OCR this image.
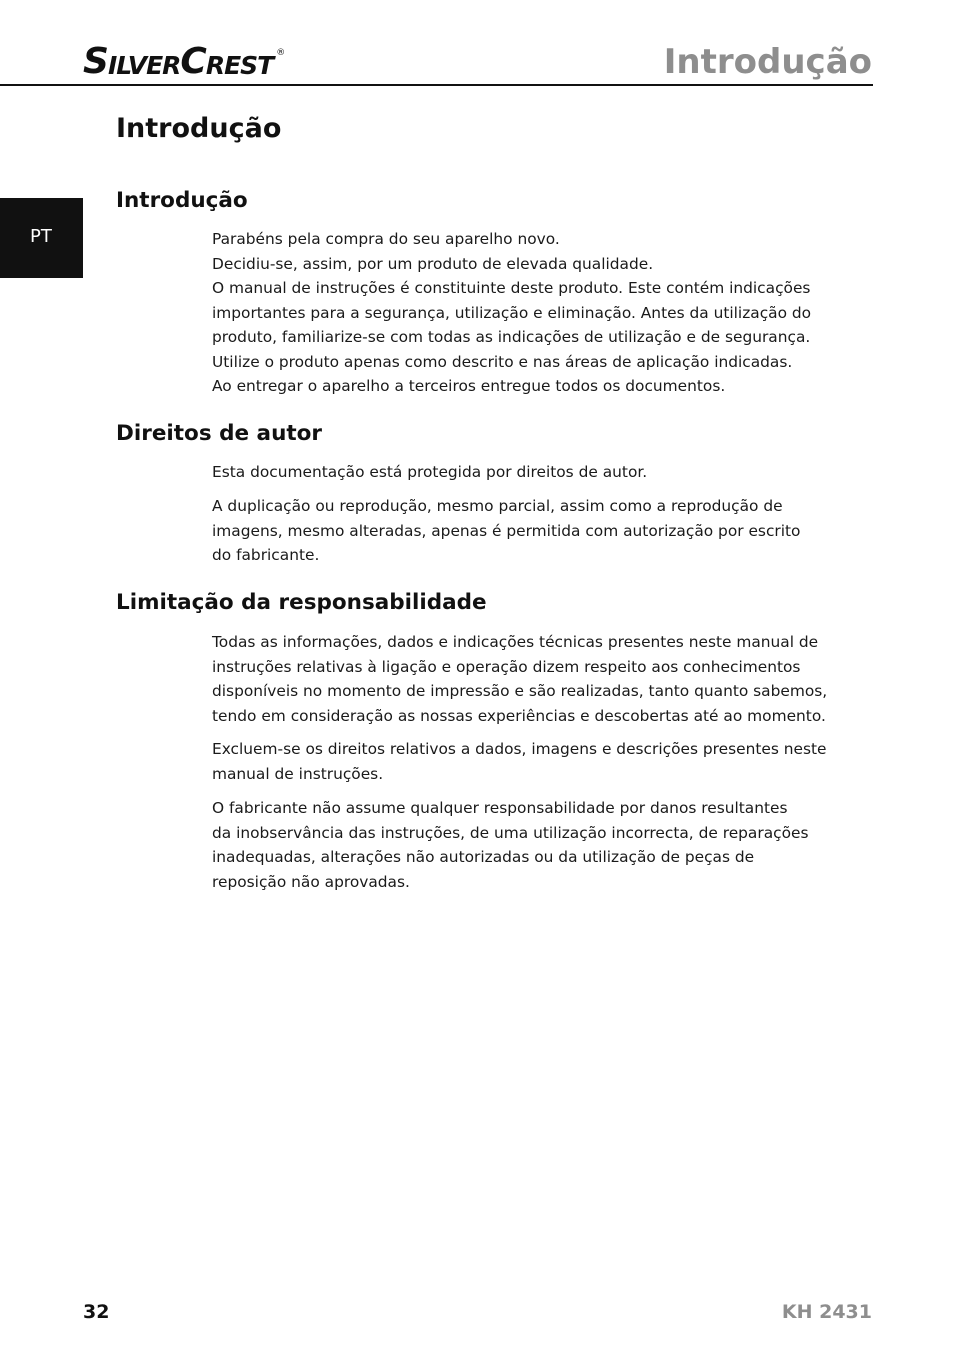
S ILVER C REST ®	Introdução
PT
Introdução
Introdução
Parabéns pela compra do seu aparelho novo.
Decidiu-se, assim, por um produto de elevada qualidade.
O manual de instruções é constituinte deste produto. Este contém indicações
importantes para a segurança, utilização e eliminação. Antes da utilização do
produto, familiarize-se com todas as indicações de utilização e de segurança.
Utilize o produto apenas como descrito e nas áreas de aplicação indicadas.
Ao entregar o aparelho a terceiros entregue todos os documentos.
Direitos de autor
Esta documentação está protegida por direitos de autor.
A duplicação ou reprodução, mesmo parcial, assim como a reprodução de
imagens, mesmo alteradas, apenas é permitida com autorização por escrito
do fabricante.
Limitação da responsabilidade
Todas as informações, dados e indicações técnicas presentes neste manual de
instruções relativas à ligação e operação dizem respeito aos conhecimentos
disponíveis no momento de impressão e são realizadas, tanto quanto sabemos,
tendo em consideração as nossas experiências e descobertas até ao momento.
Excluem-se os direitos relativos a dados, imagens e descrições presentes neste
manual de instruções.
O fabricante não assume qualquer responsabilidade por danos resultantes
da inobservância das instruções, de uma utilização incorrecta, de reparações
inadequadas, alterações não autorizadas ou da utilização de peças de
reposição não aprovadas.
32	KH 2431
